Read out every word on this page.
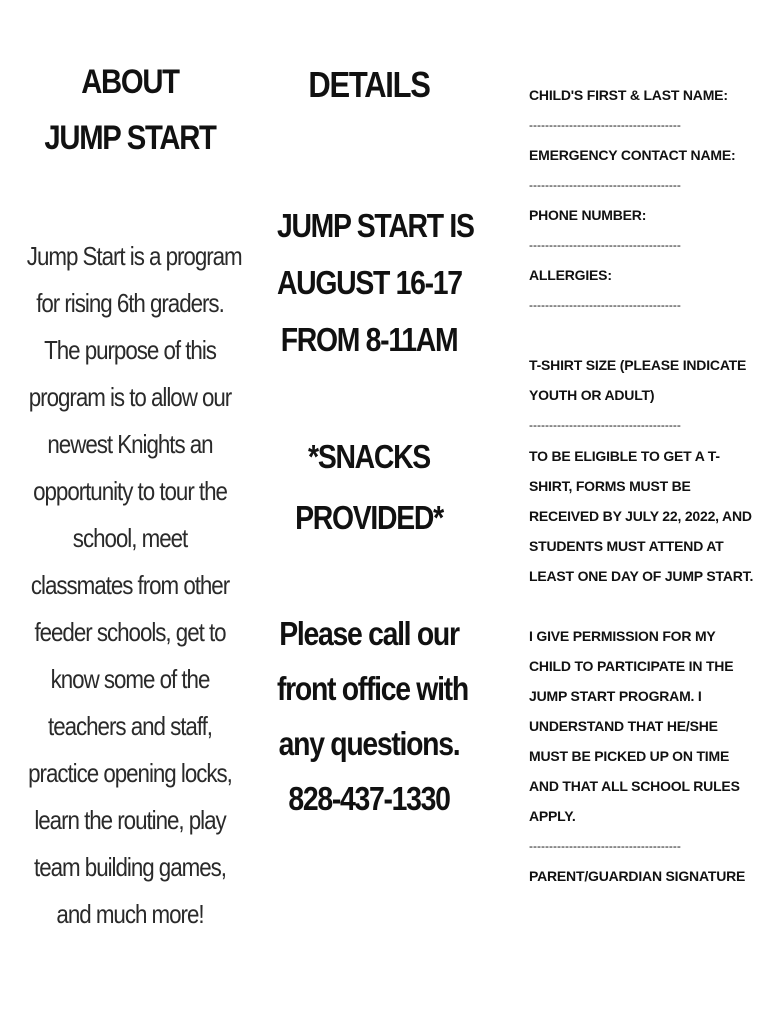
ABOUT
JUMP START
Jump Start is a program
for rising 6th graders.
The purpose of this
program is to allow our
newest Knights an
opportunity to tour the
school, meet
classmates from other
feeder schools, get to
know some of the
teachers and staff,
practice opening locks,
learn the routine, play
team building games,
and much more!
DETAILS
JUMP START IS
AUGUST 16-17
FROM 8-11AM
*SNACKS
PROVIDED*
Please call our
front office with
any questions.
828-437-1330
CHILD'S FIRST & LAST NAME:
--------------------------------------
EMERGENCY CONTACT NAME:
--------------------------------------
PHONE NUMBER:
--------------------------------------
ALLERGIES:
--------------------------------------
T-SHIRT SIZE (PLEASE INDICATE
YOUTH OR ADULT)
--------------------------------------
TO BE ELIGIBLE TO GET A T-
SHIRT, FORMS MUST BE
RECEIVED BY JULY 22, 2022, AND
STUDENTS MUST ATTEND AT
LEAST ONE DAY OF JUMP START.
I GIVE PERMISSION FOR MY
CHILD TO PARTICIPATE IN THE
JUMP START PROGRAM. I
UNDERSTAND THAT HE/SHE
MUST BE PICKED UP ON TIME
AND THAT ALL SCHOOL RULES
APPLY.
--------------------------------------
PARENT/GUARDIAN SIGNATURE
